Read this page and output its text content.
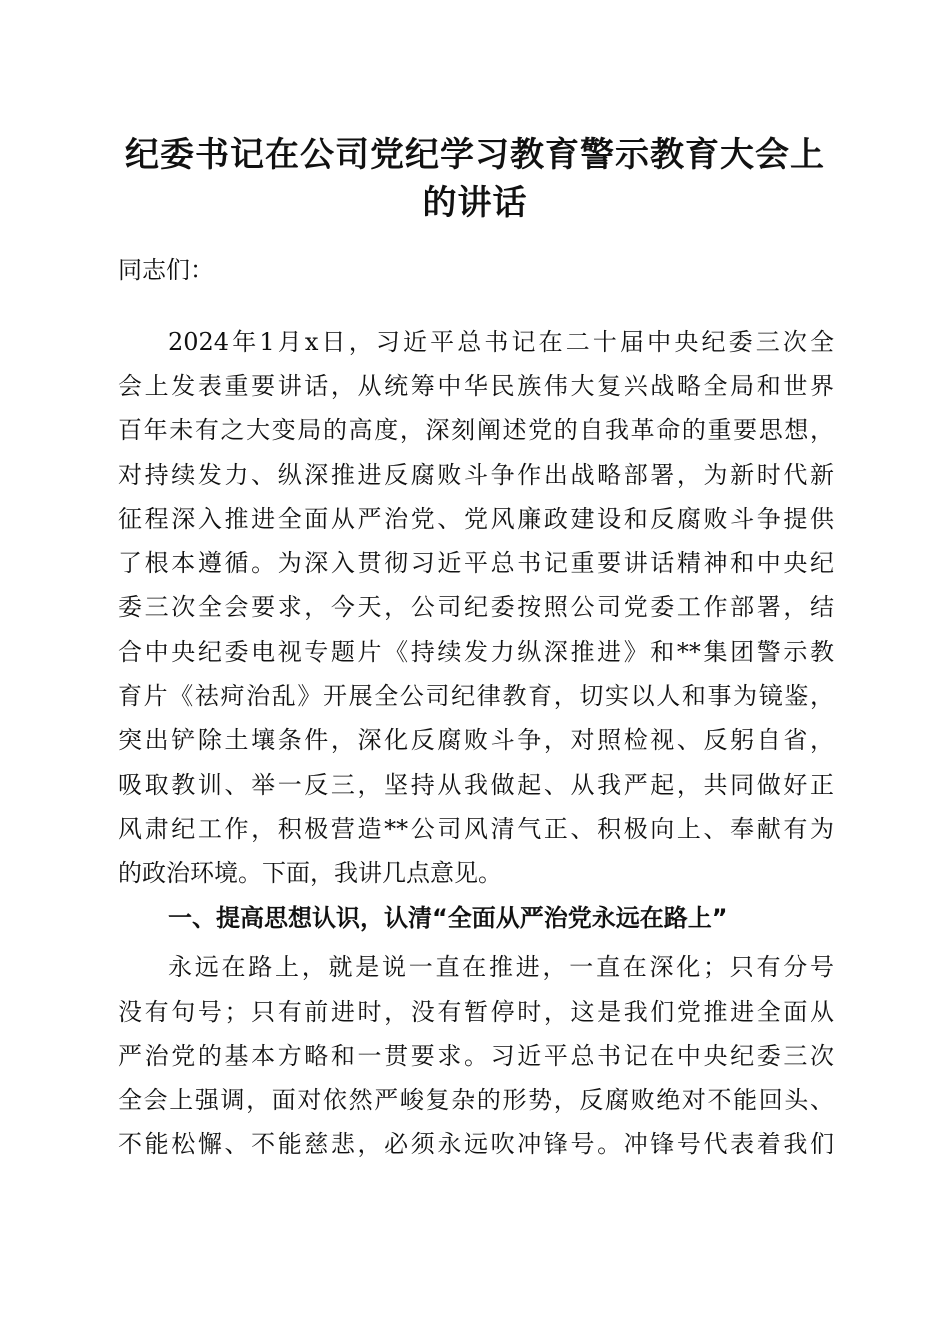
纪委书记在公司党纪学习教育警示教育大会上
的讲话
同志们：
2024年1月x日，习近平总书记在二十届中央纪委三次全
会上发表重要讲话，从统筹中华民族伟大复兴战略全局和世界
百年未有之大变局的高度，深刻阐述党的自我革命的重要思想，
对持续发力、纵深推进反腐败斗争作出战略部署，为新时代新
征程深入推进全面从严治党、党风廉政建设和反腐败斗争提供
了根本遵循。为深入贯彻习近平总书记重要讲话精神和中央纪
委三次全会要求，今天，公司纪委按照公司党委工作部署，结
合中央纪委电视专题片《持续发力纵深推进》和**集团警示教
育片《祛疴治乱》开展全公司纪律教育，切实以人和事为镜鉴，
突出铲除土壤条件，深化反腐败斗争，对照检视、反躬自省，
吸取教训、举一反三，坚持从我做起、从我严起，共同做好正
风肃纪工作，积极营造**公司风清气正、积极向上、奉献有为
的政治环境。下面，我讲几点意见。
一、提高思想认识，认清“全面从严治党永远在路上”
永远在路上，就是说一直在推进，一直在深化；只有分号
没有句号；只有前进时，没有暂停时，这是我们党推进全面从
严治党的基本方略和一贯要求。习近平总书记在中央纪委三次
全会上强调，面对依然严峻复杂的形势，反腐败绝对不能回头、
不能松懈、不能慈悲，必须永远吹冲锋号。冲锋号代表着我们
